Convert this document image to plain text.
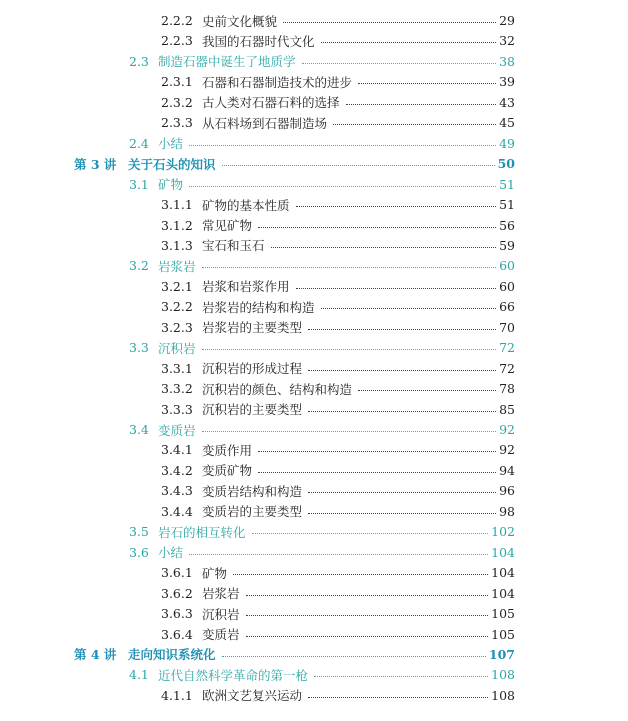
2.2.2 史前文化概貌	29
2.2.3 我国的石器时代文化	32
2.3 制造石器中诞生了地质学	38
2.3.1 石器和石器制造技术的进步	39
2.3.2 古人类对石器石料的选择	43
2.3.3 从石料场到石器制造场	45
2.4 小结	49
第 3 讲 关于石头的知识	50
3.1 矿物	51
3.1.1 矿物的基本性质	51
3.1.2 常见矿物	56
3.1.3 宝石和玉石	59
3.2 岩浆岩	60
3.2.1 岩浆和岩浆作用	60
3.2.2 岩浆岩的结构和构造	66
3.2.3 岩浆岩的主要类型	70
3.3 沉积岩	72
3.3.1 沉积岩的形成过程	72
3.3.2 沉积岩的颜色、结构和构造	78
3.3.3 沉积岩的主要类型	85
3.4 变质岩	92
3.4.1 变质作用	92
3.4.2 变质矿物	94
3.4.3 变质岩结构和构造	96
3.4.4 变质岩的主要类型	98
3.5 岩石的相互转化	102
3.6 小结	104
3.6.1 矿物	104
3.6.2 岩浆岩	104
3.6.3 沉积岩	105
3.6.4 变质岩	105
第 4 讲 走向知识系统化	107
4.1 近代自然科学革命的第一枪	108
4.1.1 欧洲文艺复兴运动	108
